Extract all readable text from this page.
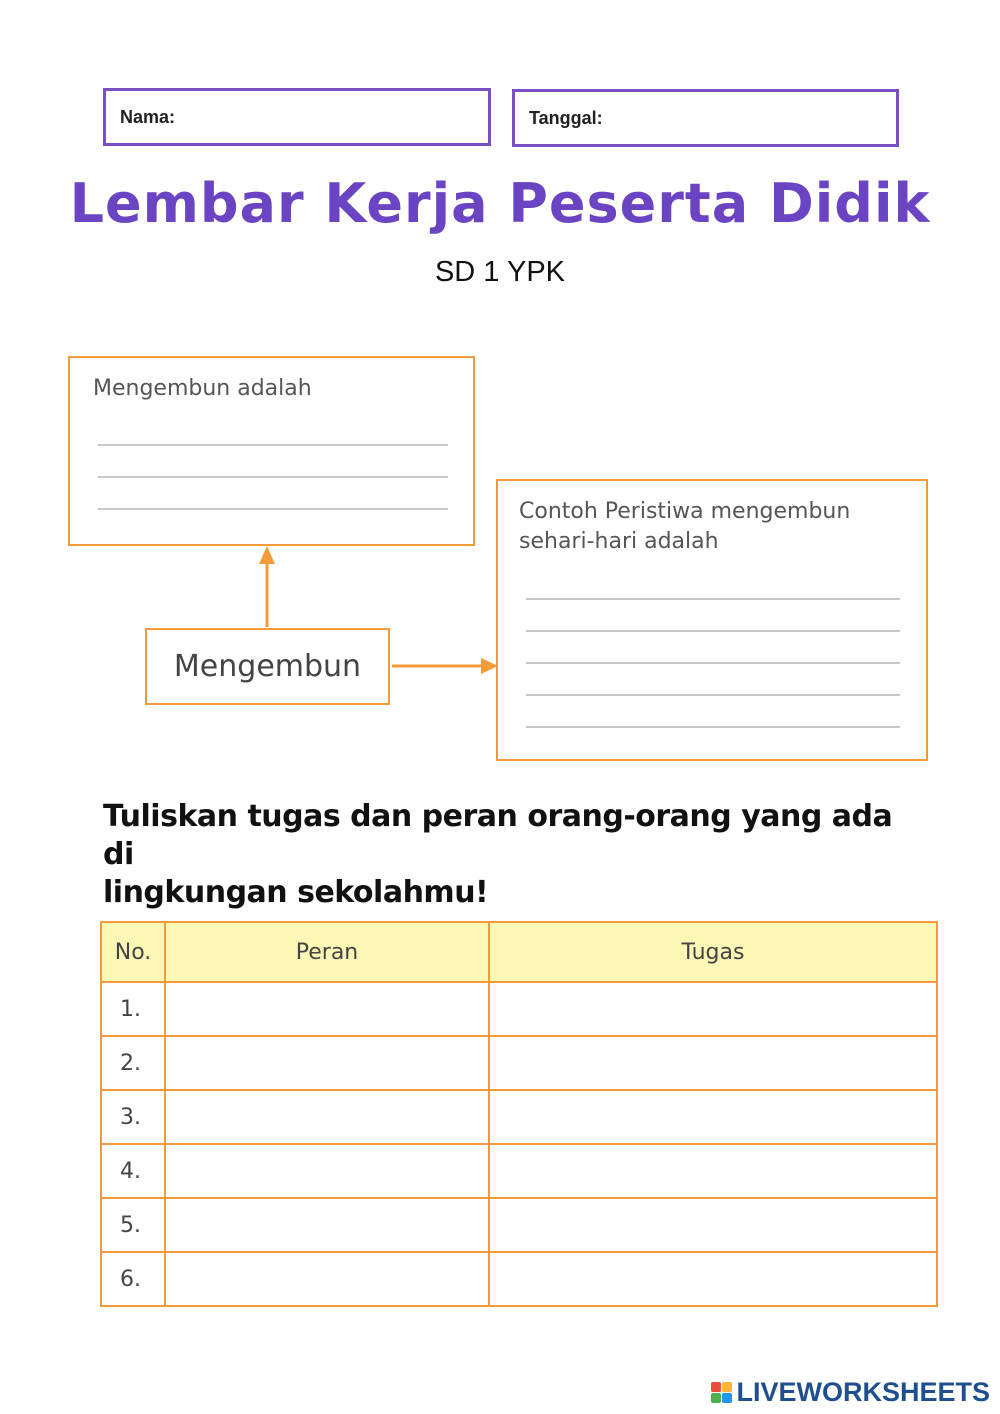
Nama:	Tanggal:
Lembar Kerja Peserta Didik
SD 1 YPK
Mengembun adalah
Contoh Peristiwa mengembun
sehari-hari adalah
Mengembun
Tuliskan tugas dan peran orang-orang yang ada di
lingkungan sekolahmu!
No.	Peran	Tugas
1.		
2.		
3.		
4.		
5.		
6.		
LIVEWORKSHEETS
